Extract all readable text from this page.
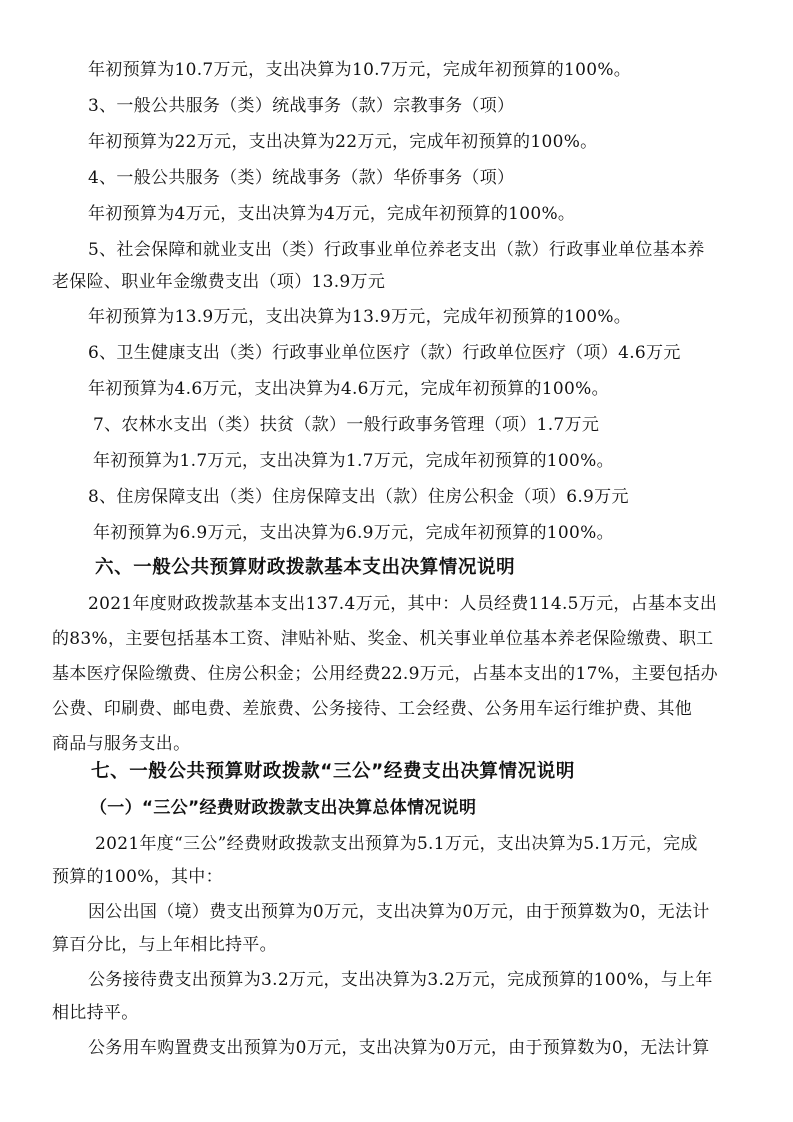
年初预算为10.7万元，支出决算为10.7万元，完成年初预算的100%。
3、一般公共服务（类）统战事务（款）宗教事务（项）
年初预算为22万元，支出决算为22万元，完成年初预算的100%。
4、一般公共服务（类）统战事务（款）华侨事务（项）
年初预算为4万元，支出决算为4万元，完成年初预算的100%。
5、社会保障和就业支出（类）行政事业单位养老支出（款）行政事业单位基本养
老保险、职业年金缴费支出（项）13.9万元
年初预算为13.9万元，支出决算为13.9万元，完成年初预算的100%。
6、卫生健康支出（类）行政事业单位医疗（款）行政单位医疗（项）4.6万元
年初预算为4.6万元，支出决算为4.6万元，完成年初预算的100%。
7、农林水支出（类）扶贫（款）一般行政事务管理（项）1.7万元
年初预算为1.7万元，支出决算为1.7万元，完成年初预算的100%。
8、住房保障支出（类）住房保障支出（款）住房公积金（项）6.9万元
年初预算为6.9万元，支出决算为6.9万元，完成年初预算的100%。
六、一般公共预算财政拨款基本支出决算情况说明
2021年度财政拨款基本支出137.4万元，其中：人员经费114.5万元，占基本支出
的83%，主要包括基本工资、津贴补贴、奖金、机关事业单位基本养老保险缴费、职工
基本医疗保险缴费、住房公积金；公用经费22.9万元，占基本支出的17%，主要包括办
公费、印刷费、邮电费、差旅费、公务接待、工会经费、公务用车运行维护费、其他
商品与服务支出。
七、一般公共预算财政拨款“三公”经费支出决算情况说明
（一）“三公”经费财政拨款支出决算总体情况说明
2021年度“三公”经费财政拨款支出预算为5.1万元，支出决算为5.1万元，完成
预算的100%，其中：
因公出国（境）费支出预算为0万元，支出决算为0万元，由于预算数为0，无法计
算百分比，与上年相比持平。
公务接待费支出预算为3.2万元，支出决算为3.2万元，完成预算的100%，与上年
相比持平。
公务用车购置费支出预算为0万元，支出决算为0万元，由于预算数为0，无法计算
